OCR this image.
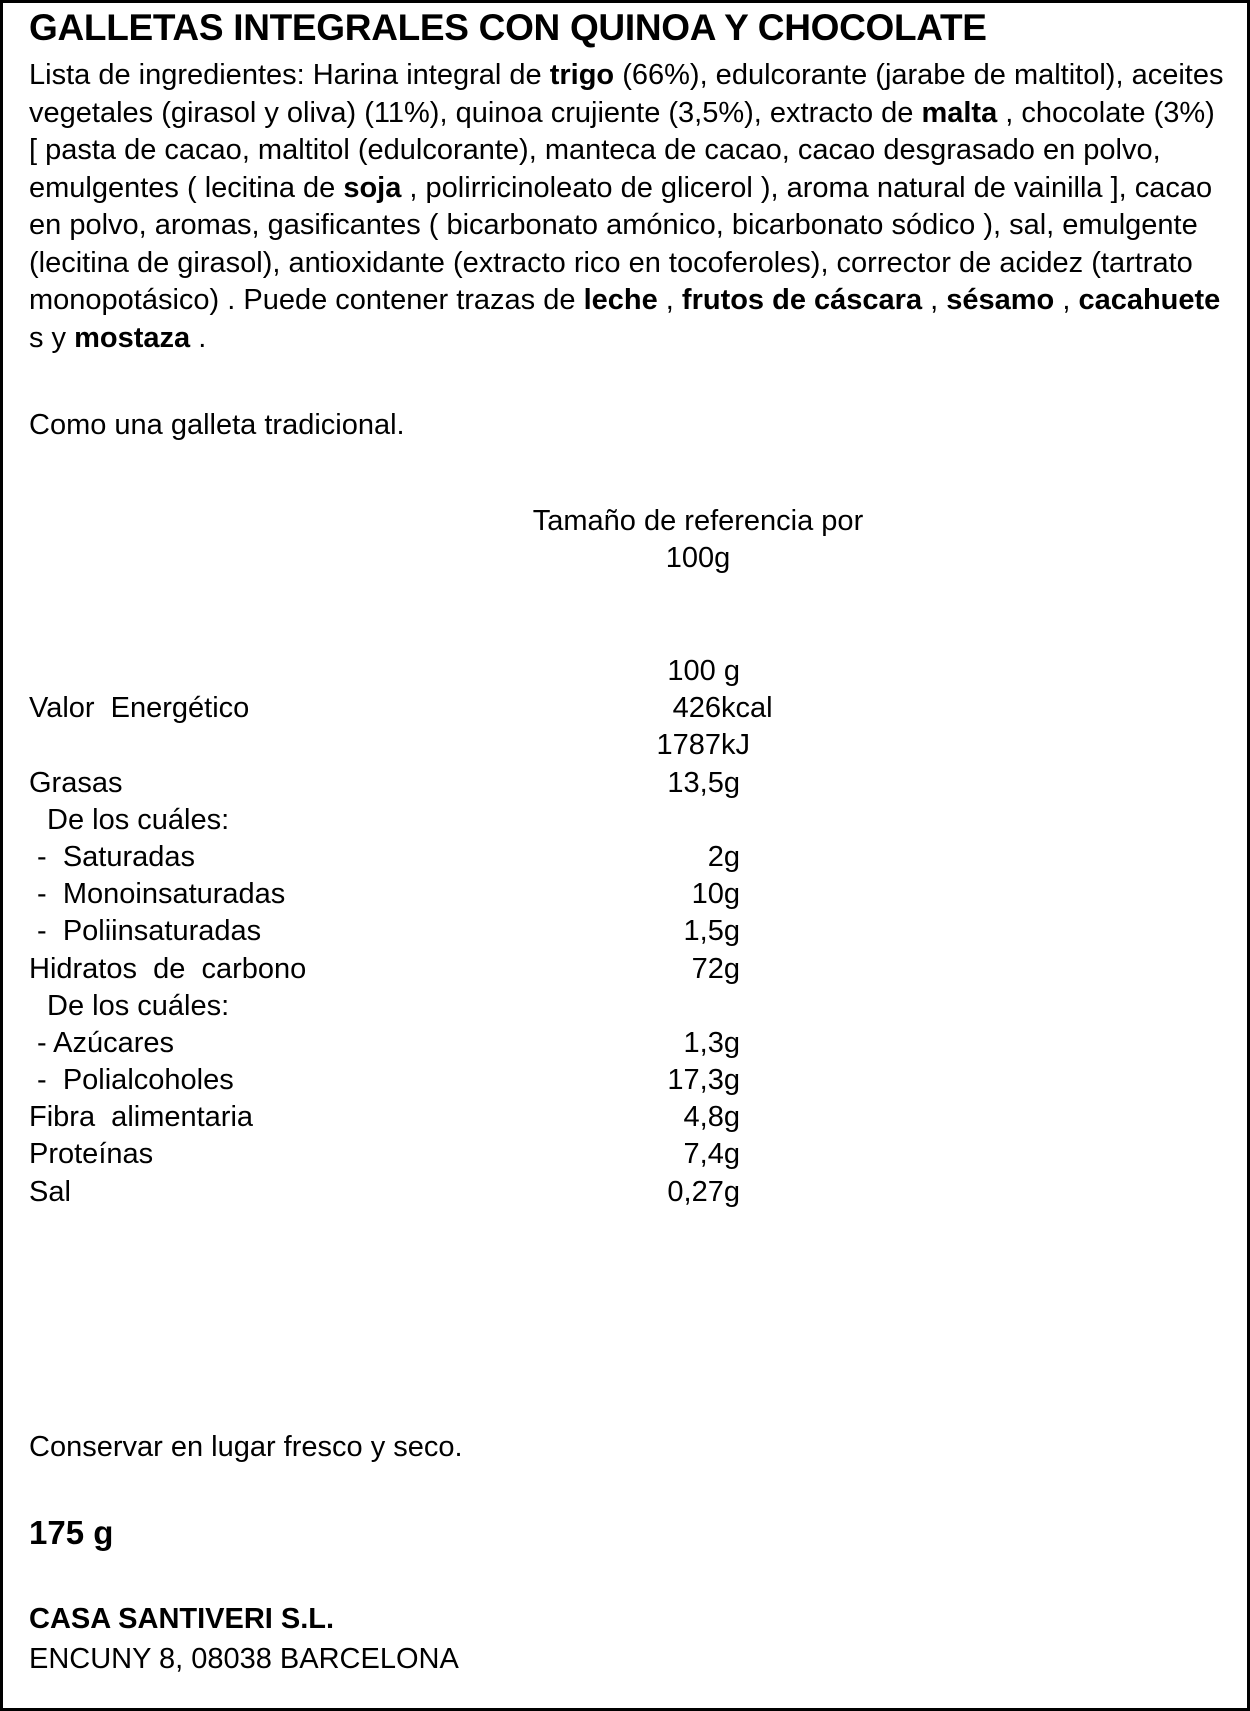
GALLETAS INTEGRALES CON QUINOA Y CHOCOLATE
Lista de ingredientes: Harina integral de trigo (66%), edulcorante (jarabe de maltitol), aceites vegetales (girasol y oliva) (11%), quinoa crujiente (3,5%), extracto de malta , chocolate (3%) [ pasta de cacao, maltitol (edulcorante), manteca de cacao, cacao desgrasado en polvo, emulgentes ( lecitina de soja , polirricinoleato de glicerol ), aroma natural de vainilla ], cacao en polvo, aromas, gasificantes ( bicarbonato amónico, bicarbonato sódico ), sal, emulgente (lecitina de girasol), antioxidante (extracto rico en tocoferoles), corrector de acidez (tartrato monopotásico) . Puede contener trazas de leche , frutos de cáscara , sésamo , cacahuete s y mostaza .
Como una galleta tradicional.
Tamaño de referencia por
100g
100 g
Valor  Energético	426 kcal
1787 kJ
Grasas	13,5g
De los cuáles:
-  Saturadas	2g
-  Monoinsaturadas	10g
-  Poliinsaturadas	1,5g
Hidratos  de  carbono	72g
De los cuáles:
- Azúcares	1,3g
-  Polialcoholes	17,3g
Fibra  alimentaria	4,8g
Proteínas	7,4g
Sal	0,27g
Conservar en lugar fresco y seco.
175 g
CASA SANTIVERI S.L.
ENCUNY 8, 08038 BARCELONA
